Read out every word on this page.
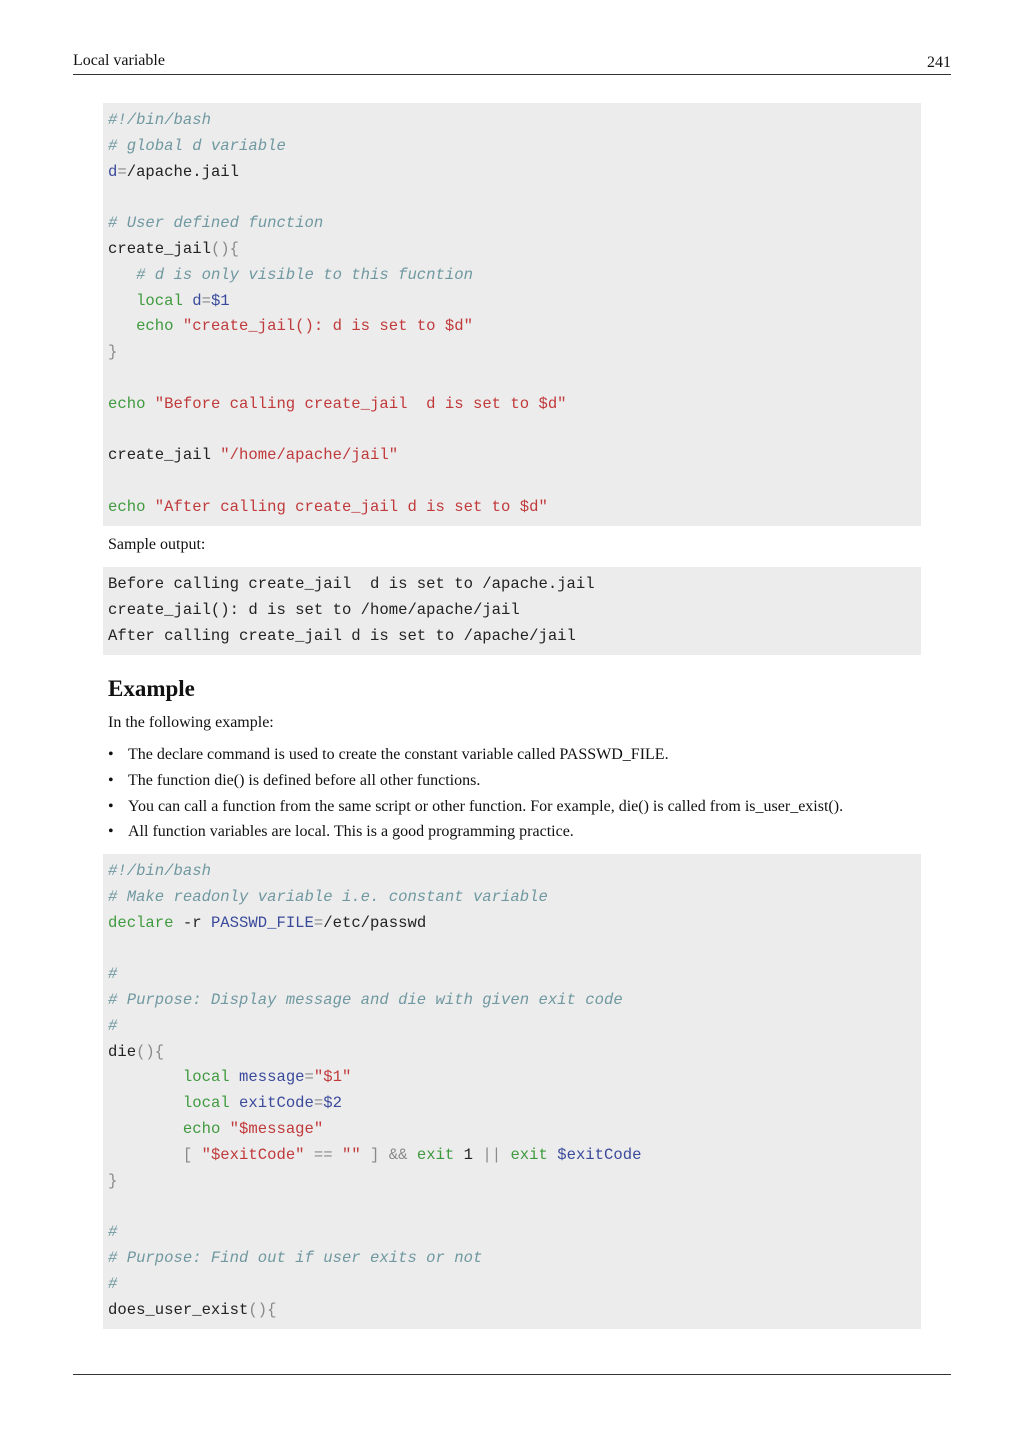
Local variable	241
#!/bin/bash
# global d variable
d=/apache.jail
# User defined function
create_jail(){
# d is only visible to this fucntion
local d=$1
echo "create_jail(): d is set to $d"
}
echo "Before calling create_jail  d is set to $d"
create_jail "/home/apache/jail"
echo "After calling create_jail d is set to $d"
Sample output:
Before calling create_jail  d is set to /apache.jail
create_jail(): d is set to /home/apache/jail
After calling create_jail d is set to /apache/jail
Example
In the following example:
• The declare command is used to create the constant variable called PASSWD_FILE.
• The function die() is defined before all other functions.
• You can call a function from the same script or other function. For example, die() is called from is_user_exist().
• All function variables are local. This is a good programming practice.
#!/bin/bash
# Make readonly variable i.e. constant variable
declare -r PASSWD_FILE=/etc/passwd
#
# Purpose: Display message and die with given exit code
#
die(){
local message="$1"
local exitCode=$2
echo "$message"
[ "$exitCode" == "" ] && exit 1 || exit $exitCode
}
#
# Purpose: Find out if user exits or not
#
does_user_exist(){
